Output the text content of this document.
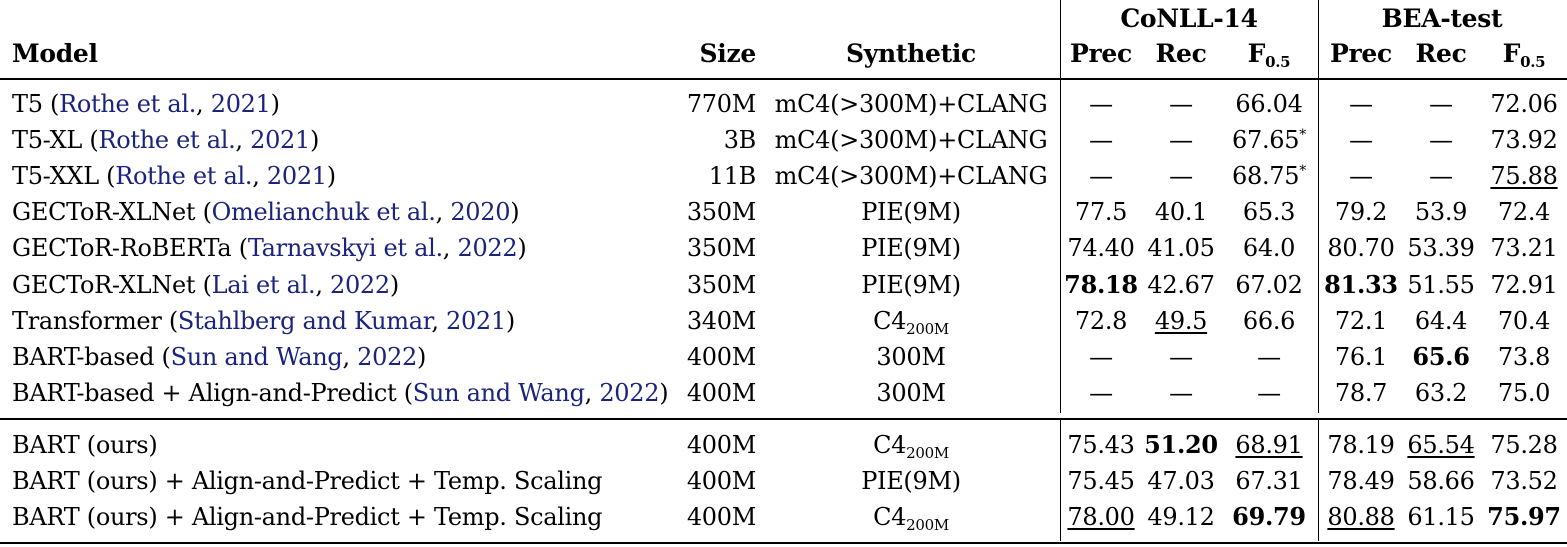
CoNLL-14	BEA-test
Model	Size	Synthetic	Prec Rec	$F_{0.5}$	Prec Rec	$F_{0.5}$
T5 (Rothe et al., 2021)	770M mC4(>300M)+CLANG	—	—	66.04	—	—	72.06
T5-XL (Rothe et al., 2021)	3B mC4(>300M)+CLANG	—	—	67.65*	—	—	73.92
T5-XXL (Rothe et al., 2021)	11B mC4(>300M)+CLANG	—	—	68.75*	—	—	75.88
GECToR-XLNet (Omelianchuk et al., 2020)	350M	PIE(9M)	77.5	40.1	65.3	79.2	53.9	72.4
GECToR-RoBERTa (Tarnavskyi et al., 2022)	350M	PIE(9M)	74.40 41.05	64.0	80.70 53.39 73.21
GECToR-XLNet (Lai et al., 2022)	350M	PIE(9M)	78.18 42.67 67.02 81.33 51.55 72.91
Transformer (Stahlberg and Kumar, 2021)	340M	$C4_{200M}$	72.8	49.5	66.6	72.1	64.4	70.4
BART-based (Sun and Wang, 2022)	400M	300M	—	—	—	76.1	65.6	73.8
BART-based + Align-and-Predict (Sun and Wang, 2022) 400M	300M	—	—	—	78.7	63.2	75.0
BART (ours)	400M	$C4_{200M}$	75.43 51.20 68.91	78.19 65.54 75.28
BART (ours) + Align-and-Predict + Temp. Scaling	400M	PIE(9M)	75.45 47.03 67.31	78.49 58.66 73.52
BART (ours) + Align-and-Predict + Temp. Scaling	400M	$C4_{200M}$	78.00 49.12 69.79 80.88 61.15 75.97
